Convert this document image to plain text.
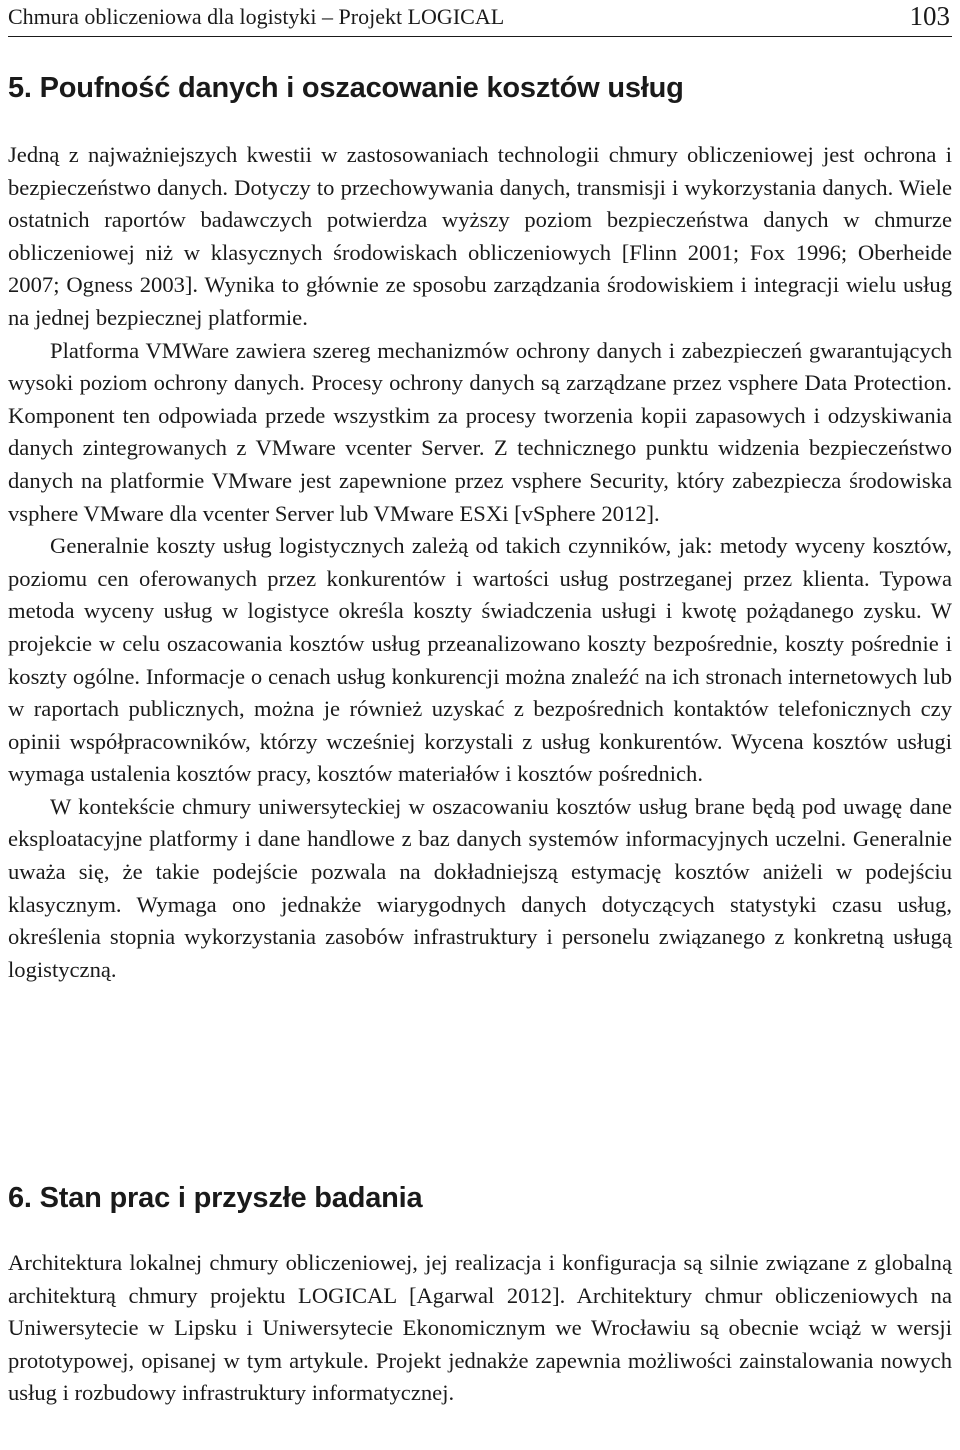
Chmura obliczeniowa dla logistyki – Projekt LOGICAL	103
5. Poufność danych i oszacowanie kosztów usług

Jedną z najważniejszych kwestii w zastosowaniach technologii chmury obliczeniowej jest ochrona i bezpieczeństwo danych. Dotyczy to przechowywania danych, transmisji i wykorzystania danych. Wiele ostatnich raportów badawczych potwierdza wyższy poziom bezpieczeństwa danych w chmurze obliczeniowej niż w klasycznych środowiskach obliczeniowych [Flinn 2001; Fox 1996; Oberheide 2007; Ogness 2003]. Wynika to głównie ze sposobu zarządzania środowiskiem i integracji wielu usług na jednej bezpiecznej platformie.

Platforma VMWare zawiera szereg mechanizmów ochrony danych i zabezpieczeń gwarantujących wysoki poziom ochrony danych. Procesy ochrony danych są zarządzane przez vsphere Data Protection. Komponent ten odpowiada przede wszystkim za procesy tworzenia kopii zapasowych i odzyskiwania danych zintegrowanych z VMware vcenter Server. Z technicznego punktu widzenia bezpieczeństwo danych na platformie VMware jest zapewnione przez vsphere Security, który zabezpiecza środowiska vsphere VMware dla vcenter Server lub VMware ESXi [vSphere 2012].

Generalnie koszty usług logistycznych zależą od takich czynników, jak: metody wyceny kosztów, poziomu cen oferowanych przez konkurentów i wartości usług postrzeganej przez klienta. Typowa metoda wyceny usług w logistyce określa koszty świadczenia usługi i kwotę pożądanego zysku. W projekcie w celu oszacowania kosztów usług przeanalizowano koszty bezpośrednie, koszty pośrednie i koszty ogólne. Informacje o cenach usług konkurencji można znaleźć na ich stronach internetowych lub w raportach publicznych, można je również uzyskać z bezpośrednich kontaktów telefonicznych czy opinii współpracowników, którzy wcześniej korzystali z usług konkurentów. Wycena kosztów usługi wymaga ustalenia kosztów pracy, kosztów materiałów i kosztów pośrednich.

W kontekście chmury uniwersyteckiej w oszacowaniu kosztów usług brane będą pod uwagę dane eksploatacyjne platformy i dane handlowe z baz danych systemów informacyjnych uczelni. Generalnie uważa się, że takie podejście pozwala na dokładniejszą estymację kosztów aniżeli w podejściu klasycznym. Wymaga ono jednakże wiarygodnych danych dotyczących statystyki czasu usług, określenia stopnia wykorzystania zasobów infrastruktury i personelu związanego z konkretną usługą logistyczną.

6. Stan prac i przyszłe badania

Architektura lokalnej chmury obliczeniowej, jej realizacja i konfiguracja są silnie związane z globalną architekturą chmury projektu LOGICAL [Agarwal 2012]. Architektury chmur obliczeniowych na Uniwersytecie w Lipsku i Uniwersytecie Ekonomicznym we Wrocławiu są obecnie wciąż w wersji prototypowej, opisanej w tym artykule. Projekt jednakże zapewnia możliwości zainstalowania nowych usług i rozbudowy infrastruktury informatycznej.
